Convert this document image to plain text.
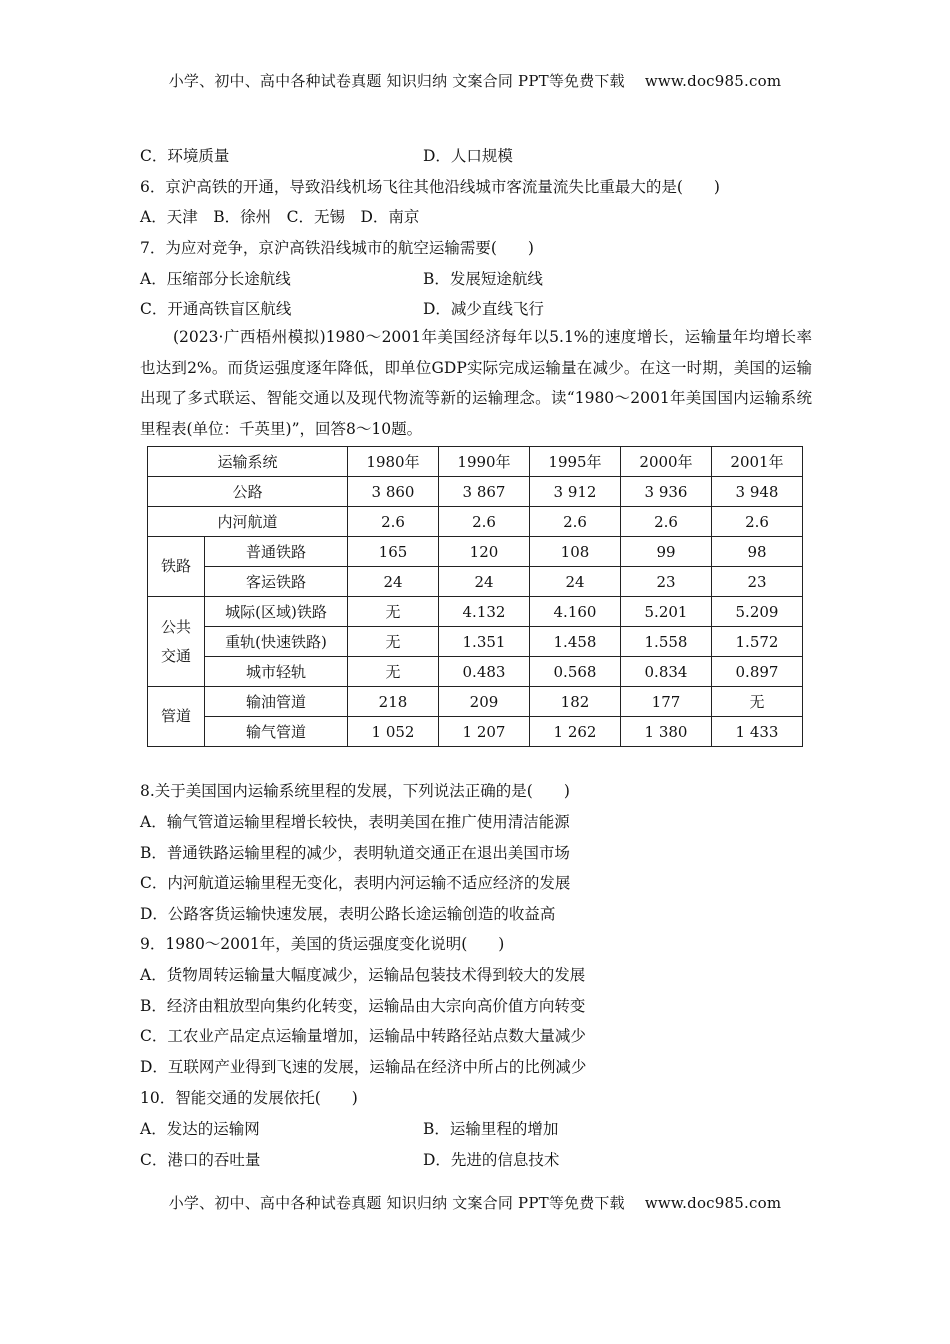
小学、初中、高中各种试卷真题 知识归纳 文案合同 PPT等免费下载 www.doc985.com
C．环境质量	D．人口规模
6．京沪高铁的开通，导致沿线机场飞往其他沿线城市客流量流失比重最大的是(　　)
A．天津　B．徐州　C．无锡　D．南京
7．为应对竞争，京沪高铁沿线城市的航空运输需要(　　)
A．压缩部分长途航线	B．发展短途航线
C．开通高铁盲区航线	D．减少直线飞行
(2023·广西梧州模拟)1980～2001年美国经济每年以5.1%的速度增长，运输量年均增长率也达到2%。而货运强度逐年降低，即单位GDP实际完成运输量在减少。在这一时期，美国的运输出现了多式联运、智能交通以及现代物流等新的运输理念。读“1980～2001年美国国内运输系统里程表(单位：千英里)”，回答8～10题。
运输系统		1980年	1990年	1995年	2000年	2001年
公路		3 860	3 867	3 912	3 936	3 948
内河航道		2.6	2.6	2.6	2.6	2.6
铁路	普通铁路	165	120	108	99	98
	客运铁路	24	24	24	23	23
公共
交通	城际(区域)铁路	无	4.132	4.160	5.201	5.209
	重轨(快速铁路)	无	1.351	1.458	1.558	1.572
	城市轻轨	无	0.483	0.568	0.834	0.897
管道	输油管道	218	209	182	177	无
	输气管道	1 052	1 207	1 262	1 380	1 433
8.关于美国国内运输系统里程的发展，下列说法正确的是(　　)
A．输气管道运输里程增长较快，表明美国在推广使用清洁能源
B．普通铁路运输里程的减少，表明轨道交通正在退出美国市场
C．内河航道运输里程无变化，表明内河运输不适应经济的发展
D．公路客货运输快速发展，表明公路长途运输创造的收益高
9．1980～2001年，美国的货运强度变化说明(　　)
A．货物周转运输量大幅度减少，运输品包装技术得到较大的发展
B．经济由粗放型向集约化转变，运输品由大宗向高价值方向转变
C．工农业产品定点运输量增加，运输品中转路径站点数大量减少
D．互联网产业得到飞速的发展，运输品在经济中所占的比例减少
10．智能交通的发展依托(　　)
A．发达的运输网	B．运输里程的增加
C．港口的吞吐量	D．先进的信息技术
小学、初中、高中各种试卷真题 知识归纳 文案合同 PPT等免费下载 www.doc985.com
